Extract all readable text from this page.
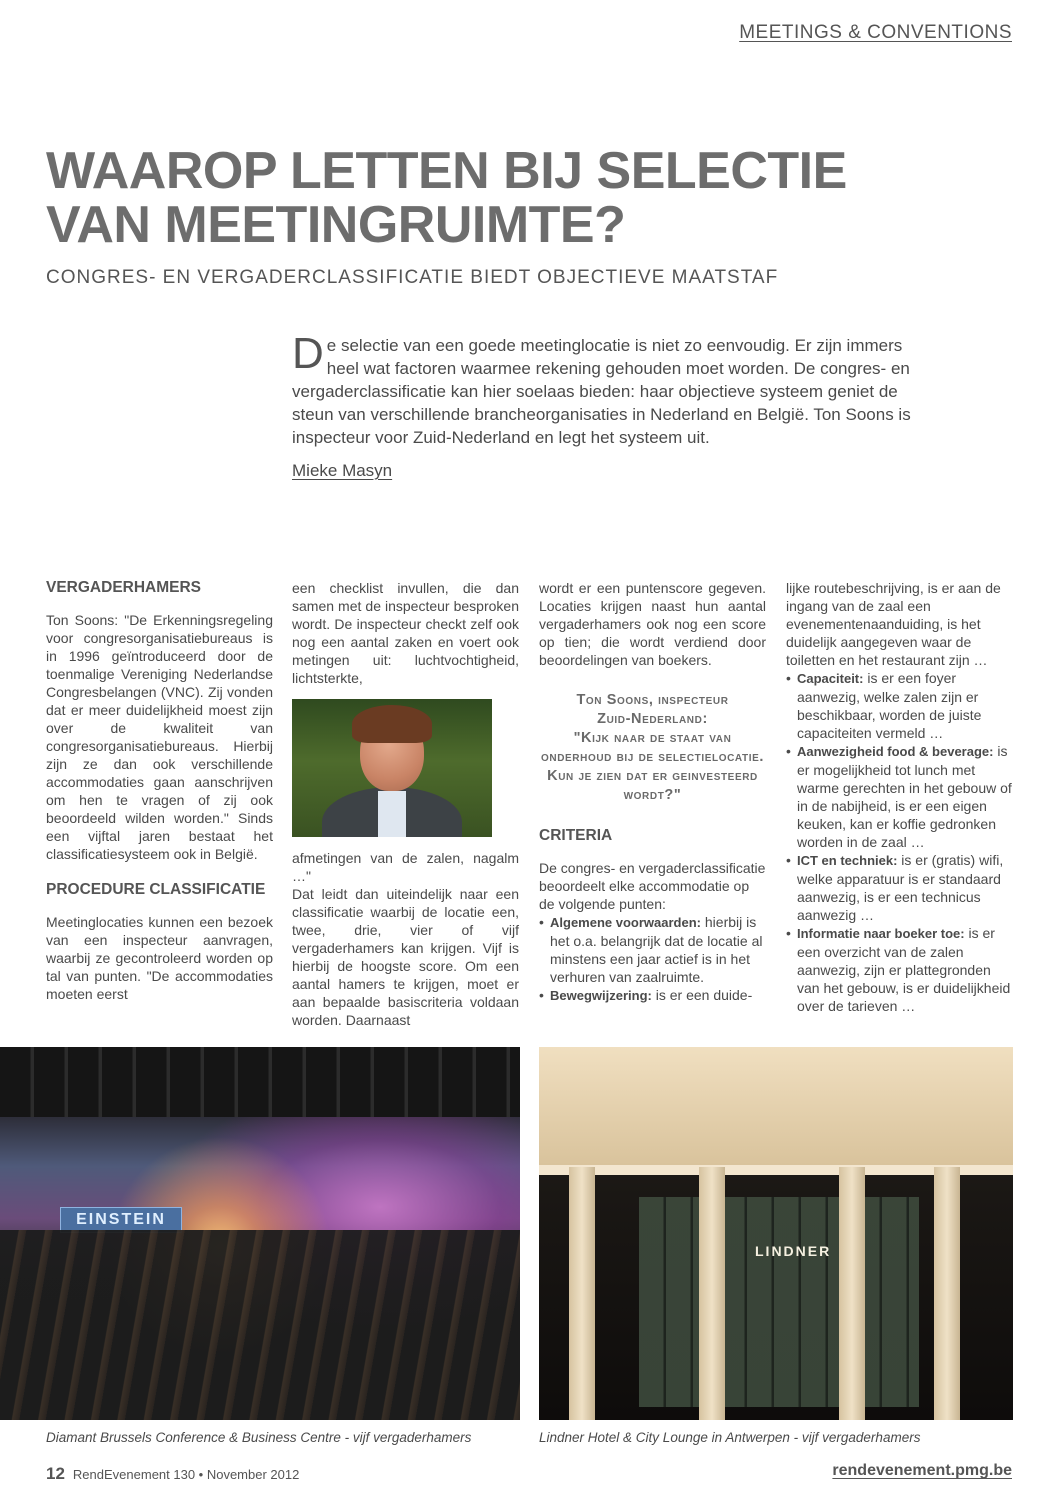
MEETINGS & CONVENTIONS
WAAROP LETTEN BIJ SELECTIE VAN MEETINGRUIMTE?
CONGRES- EN VERGADERCLASSIFICATIE BIEDT OBJECTIEVE MAATSTAF

De selectie van een goede meetinglocatie is niet zo eenvoudig. Er zijn immers heel wat factoren waarmee rekening gehouden moet worden. De congres- en vergaderclassificatie kan hier soelaas bieden: haar objectieve systeem geniet de steun van verschillende brancheorganisaties in Nederland en België. Ton Soons is inspecteur voor Zuid-Nederland en legt het systeem uit.

Mieke Masyn
VERGADERHAMERS

Ton Soons: "De Erkenningsregeling voor congresorganisatiebureaus is in 1996 geïntroduceerd door de toenmalige Vereniging Nederlandse Congresbelangen (VNC). Zij vonden dat er meer duidelijkheid moest zijn over de kwaliteit van congresorganisatiebureaus. Hierbij zijn ze dan ook verschillende accommodaties gaan aanschrijven om hen te vragen of zij ook beoordeeld wilden worden." Sinds een vijftal jaren bestaat het classificatiesysteem ook in België.

PROCEDURE CLASSIFICATIE

Meetinglocaties kunnen een bezoek van een inspecteur aanvragen, waarbij ze gecontroleerd worden op tal van punten. "De accommodaties moeten eerst

een checklist invullen, die dan samen met de inspecteur besproken wordt. De inspecteur checkt zelf ook nog een aantal zaken en voert ook metingen uit: luchtvochtigheid, lichtsterkte,

afmetingen van de zalen, nagalm …"

Dat leidt dan uiteindelijk naar een classificatie waarbij de locatie een, twee, drie, vier of vijf vergaderhamers kan krijgen. Vijf is hierbij de hoogste score. Om een aantal hamers te krijgen, moet er aan bepaalde basiscriteria voldaan worden. Daarnaast

wordt er een puntenscore gegeven. Locaties krijgen naast hun aantal vergaderhamers ook nog een score op tien; die wordt verdiend door beoordelingen van boekers.

Ton Soons, inspecteur
Zuid-Nederland:
"Kijk naar de staat van onderhoud bij de selectielocatie. Kun je zien dat er geinvesteerd wordt?"
CRITERIA

De congres- en vergaderclassificatie beoordeelt elke accommodatie op de volgende punten:

• Algemene voorwaarden: hierbij is het o.a. belangrijk dat de locatie al minstens een jaar actief is in het verhuren van zaalruimte.
• Bewegwijzering: is er een duide-

lijke routebeschrijving, is er aan de ingang van de zaal een evenementenaanduiding, is het duidelijk aangegeven waar de toiletten en het restaurant zijn …

• Capaciteit: is er een foyer aanwezig, welke zalen zijn er beschikbaar, worden de juiste capaciteiten vermeld …
• Aanwezigheid food & beverage: is er mogelijkheid tot lunch met warme gerechten in het gebouw of in de nabijheid, is er een eigen keuken, kan er koffie gedronken worden in de zaal …
• ICT en techniek: is er (gratis) wifi, welke apparatuur is er standaard aanwezig, is er een technicus aanwezig …
• Informatie naar boeker toe: is er een overzicht van de zalen aanwezig, zijn er plattegronden van het gebouw, is er duidelijkheid over de tarieven …
EINSTEIN
LINDNER
Diamant Brussels Conference & Business Centre - vijf vergaderhamers	Lindner Hotel & City Lounge in Antwerpen - vijf vergaderhamers
12 RendEvenement 130 • November 2012	rendevenement.pmg.be
